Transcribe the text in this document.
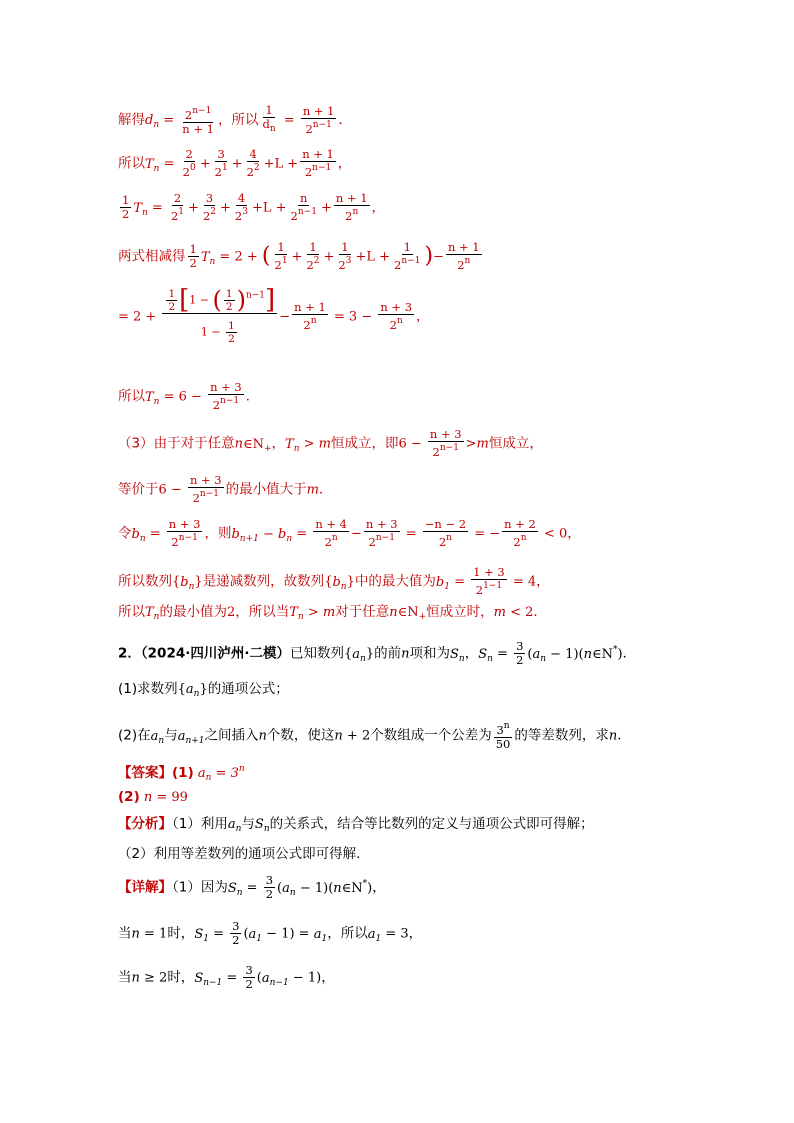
解得$d_n = \frac{2^{n-1}}{n + 1}$ ，所以 $\frac{1}{d_n} = \frac{n + 1}{2^{n-1}}$ ．
所以$T_n = \frac{2}{2^0} + \frac{3}{2^1} + \frac{4}{2^2} +L + \frac{n + 1}{2^{n-1}}$ ，
$\frac{1}{2} T_n = \frac{2}{2^1} + \frac{3}{2^2} + \frac{4}{2^3} +L + \frac{n}{2^{n-1}} + \frac{n + 1}{2^n}$ ，
两式相减得 $\frac{1}{2} T_n = 2$ + ( $\frac{1}{2^1} + \frac{1}{2^2} + \frac{1}{2^3} +L + \frac{1}{2^{n-1}}$ )− $\frac{n + 1}{2^n}$
= $2 + \frac{\frac{1}{2} [1 - ( \frac{1}{2} )^{n-1}]}{1 - \frac{1}{2}} - \frac{n + 1}{2^n} = 3 - \frac{n + 3}{2^n}$ ，
所以$T_n = 6 - \frac{n + 3}{2^{n-1}}$ ．
（3）由于对于任意$n\in N_+$，$T_n > m$恒成立，即$6 - \frac{n + 3}{2^{n-1}} >m$恒成立，
等价于$6 - \frac{n + 3}{2^{n-1}}$ 的最小值大于m．
令$b_n = \frac{n + 3}{2^{n-1}}$ ，则$b_{n+1} - b_n = \frac{n + 4}{2^n} - \frac{n + 3}{2^{n-1}} = \frac{-n - 2}{2^n}$ = − $\frac{n + 2}{2^n} < 0$，
所以数列$\{b_n\}$是递减数列，故数列$\{b_n\}$中的最大值为$b_1 = \frac{1 + 3}{2^{1-1}} = 4$，
所以$T_n$的最小值为2，所以当$T_n > m$对于任意$n\in N_+$恒成立时，m < 2．
2．（2024·四川泸州·二模）已知数列$\{a_n\}$的前n项和为$S_n$，$S_n = \frac{3}{2} (a_n$ − 1)(n∈N*)．
(1)求数列$\{a_n\}$的通项公式；
(2)在$a_n$与$a_{n+1}$之间插入n个数，使这n + 2个数组成一个公差为 $\frac{3^n}{50}$ 的等差数列，求n．
【答案】(1) $a_n = 3^n$
(2) n = 99
【分析】（1）利用$a_n$与$S_n$的关系式，结合等比数列的定义与通项公式即可得解；
（2）利用等差数列的通项公式即可得解.
【详解】（1）因为$S_n = \frac{3}{2} (a_n$ − 1)(n∈N*)，
当n = 1时，$S_1 = \frac{3}{2} (a_1 - 1) = a_1$，所以$a_1 = 3$，
当n ≥ 2时，$S_{n-1} = \frac{3}{2} (a_{n-1} - 1)$，
